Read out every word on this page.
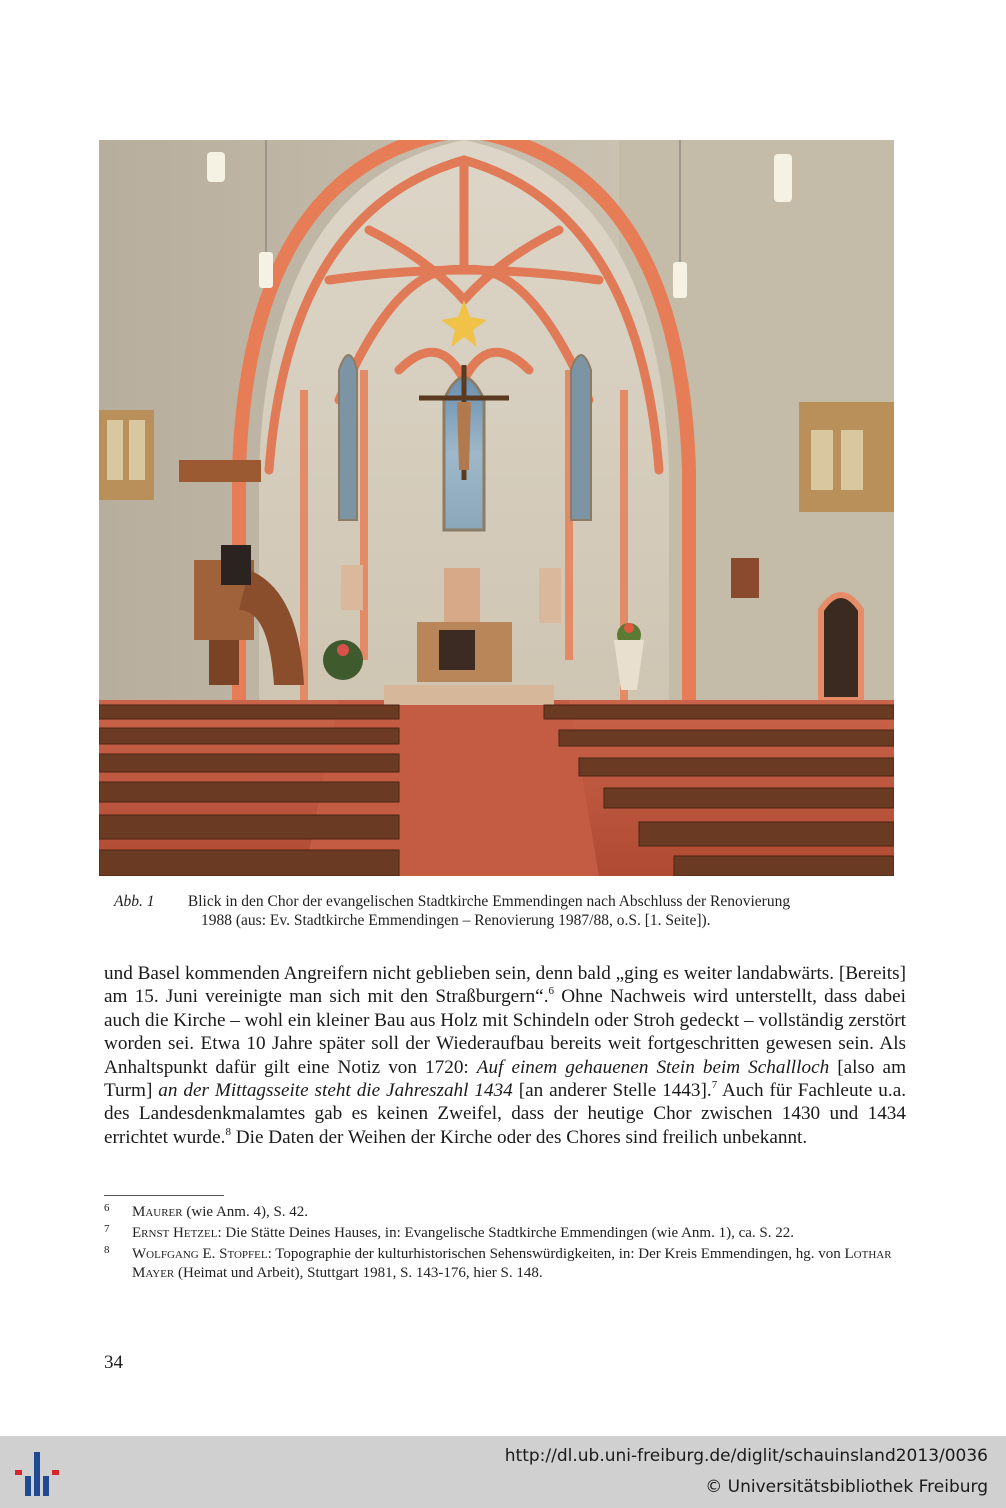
Abb. 1 Blick in den Chor der evangelischen Stadtkirche Emmendingen nach Abschluss der Renovierung
1988 (aus: Ev. Stadtkirche Emmendingen – Renovierung 1987/88, o.S. [1. Seite]).

und Basel kommenden Angreifern nicht geblieben sein, denn bald „ging es weiter landabwärts. [Bereits] am 15. Juni vereinigte man sich mit den Straßburgern“.$^6$ Ohne Nachweis wird unterstellt, dass dabei auch die Kirche – wohl ein kleiner Bau aus Holz mit Schindeln oder Stroh gedeckt – vollständig zerstört worden sei. Etwa 10 Jahre später soll der Wiederaufbau bereits weit fortgeschritten gewesen sein. Als Anhaltspunkt dafür gilt eine Notiz von 1720: Auf einem gehauenen Stein beim Schallloch [also am Turm] an der Mittagsseite steht die Jahreszahl 1434 [an anderer Stelle 1443].$^7$ Auch für Fachleute u.a. des Landesdenkmalamtes gab es keinen Zweifel, dass der heutige Chor zwischen 1430 und 1434 errichtet wurde.$^8$ Die Daten der Weihen der Kirche oder des Chores sind freilich unbekannt.

6 Maurer (wie Anm. 4), S. 42.
7 Ernst Hetzel: Die Stätte Deines Hauses, in: Evangelische Stadtkirche Emmendingen (wie Anm. 1), ca. S. 22.
8 Wolfgang E. Stopfel: Topographie der kulturhistorischen Sehenswürdigkeiten, in: Der Kreis Emmendingen, hg. von Lothar Mayer (Heimat und Arbeit), Stuttgart 1981, S. 143-176, hier S. 148.
34
http://dl.ub.uni-freiburg.de/diglit/schauinsland2013/0036
© Universitätsbibliothek Freiburg
